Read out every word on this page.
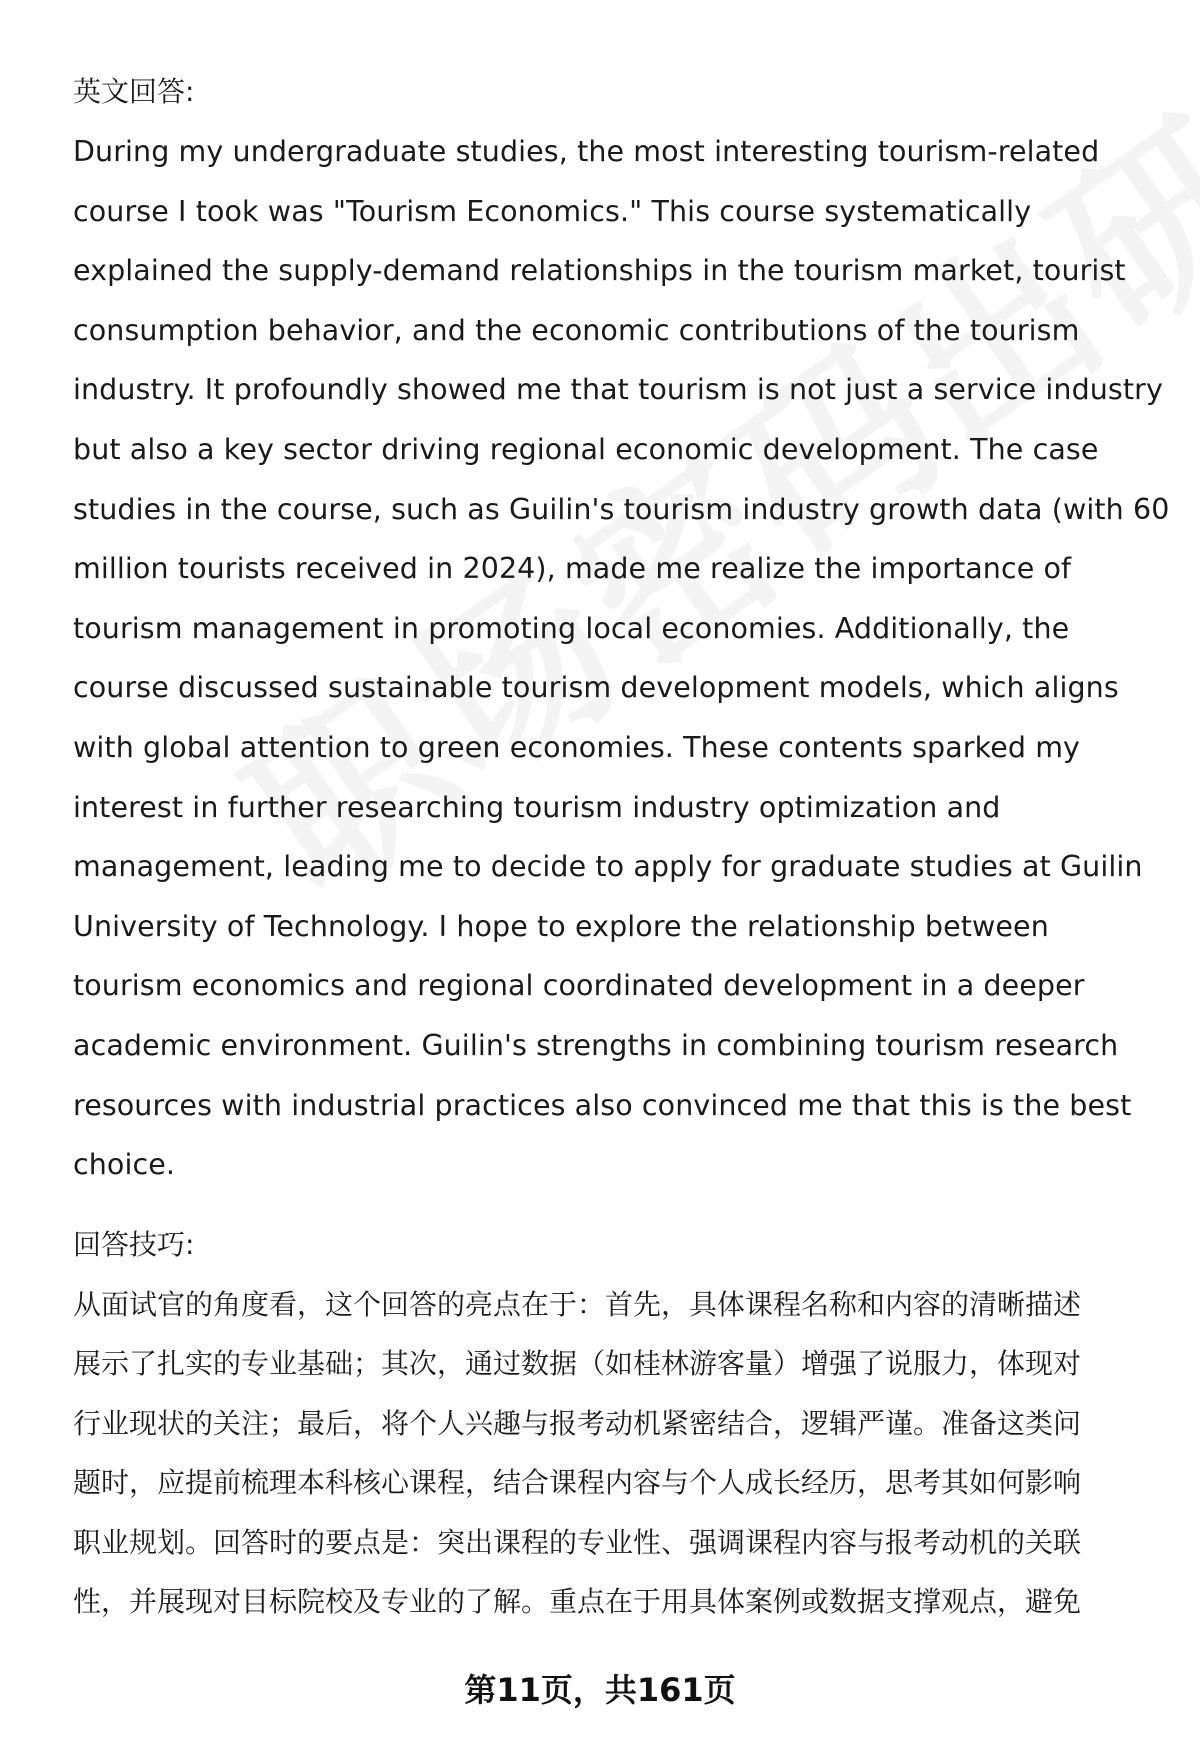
英文回答:
During my undergraduate studies, the most interesting tourism-related
course I took was "Tourism Economics." This course systematically
explained the supply-demand relationships in the tourism market, tourist
consumption behavior, and the economic contributions of the tourism
industry. It profoundly showed me that tourism is not just a service industry
but also a key sector driving regional economic development. The case
studies in the course, such as Guilin's tourism industry growth data (with 60
million tourists received in 2024), made me realize the importance of
tourism management in promoting local economies. Additionally, the
course discussed sustainable tourism development models, which aligns
with global attention to green economies. These contents sparked my
interest in further researching tourism industry optimization and
management, leading me to decide to apply for graduate studies at Guilin
University of Technology. I hope to explore the relationship between
tourism economics and regional coordinated development in a deeper
academic environment. Guilin's strengths in combining tourism research
resources with industrial practices also convinced me that this is the best
choice.
回答技巧:
从面试官的角度看，这个回答的亮点在于：首先，具体课程名称和内容的清晰描述
展示了扎实的专业基础；其次，通过数据（如桂林游客量）增强了说服力，体现对
行业现状的关注；最后，将个人兴趣与报考动机紧密结合，逻辑严谨。准备这类问
题时，应提前梳理本科核心课程，结合课程内容与个人成长经历，思考其如何影响
职业规划。回答时的要点是：突出课程的专业性、强调课程内容与报考动机的关联
性，并展现对目标院校及专业的了解。重点在于用具体案例或数据支撑观点，避免
第11页，共161页
